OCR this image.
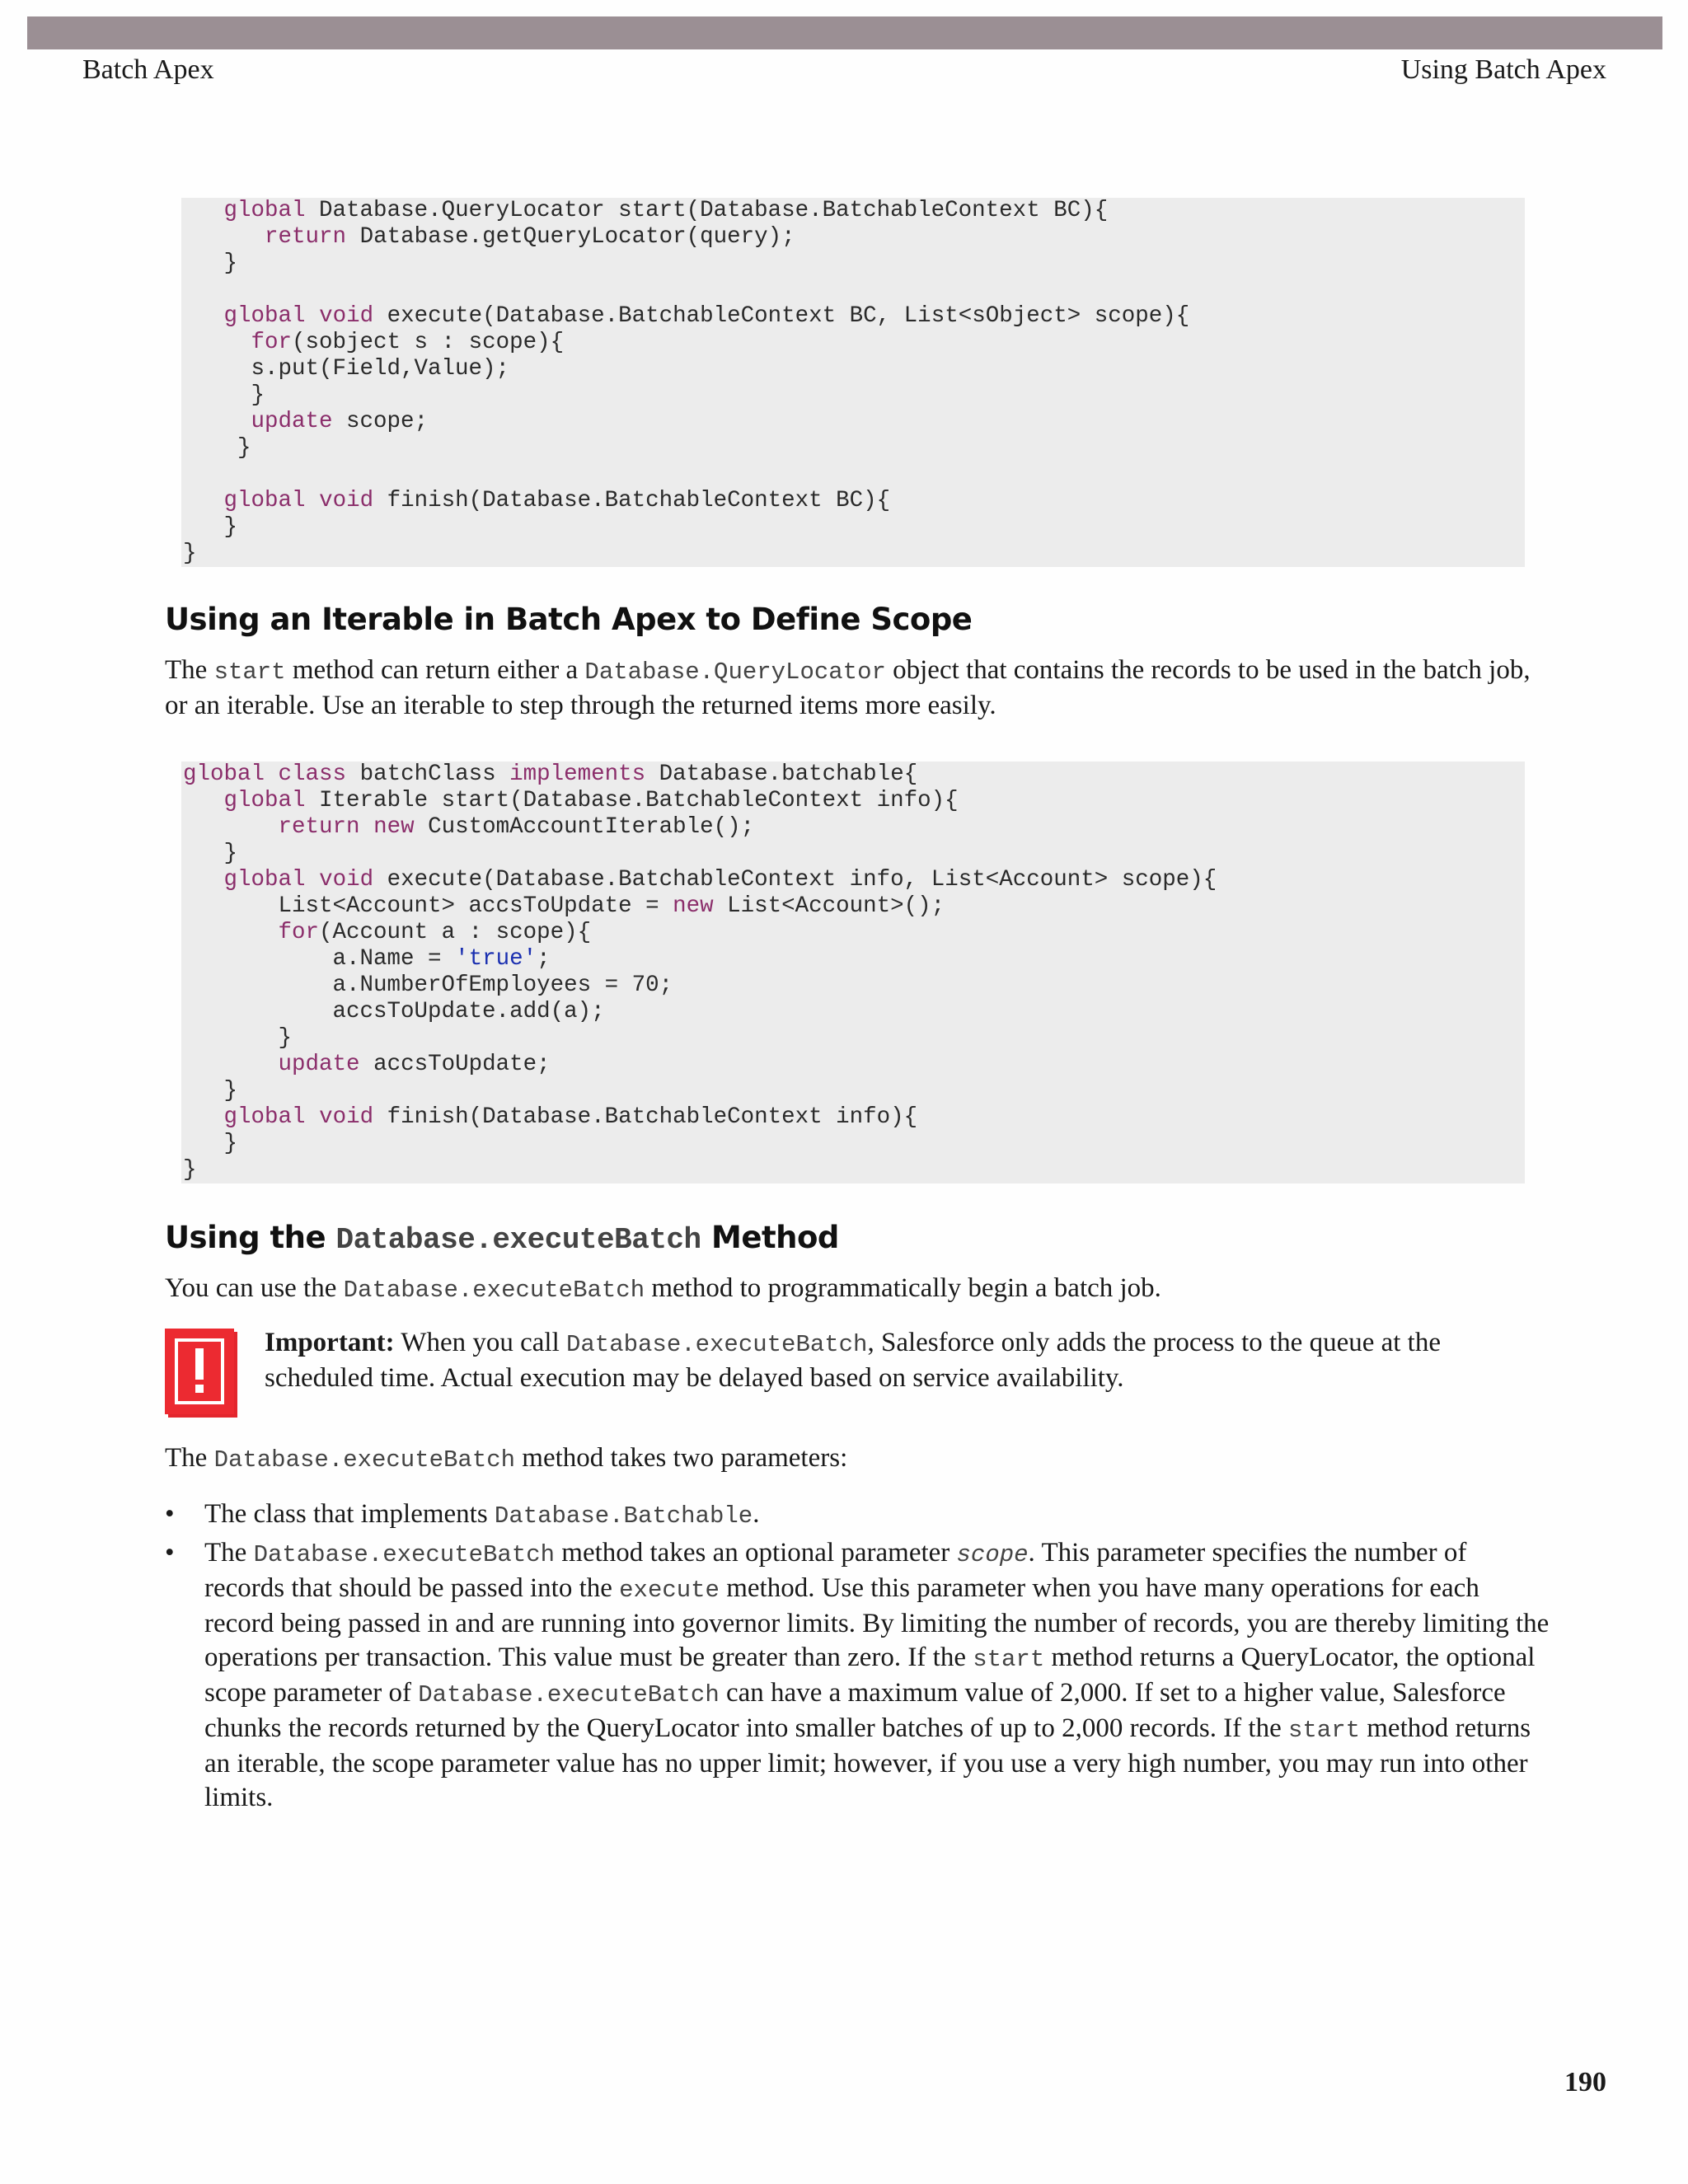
Batch Apex	Using Batch Apex
global Database.QueryLocator start(Database.BatchableContext BC){
return Database.getQueryLocator(query);
}
global void execute(Database.BatchableContext BC, List<sObject> scope){
for(sobject s : scope){
s.put(Field,Value);
}
update scope;
}
global void finish(Database.BatchableContext BC){
}
}
Using an Iterable in Batch Apex to Define Scope
The start method can return either a Database.QueryLocator object that contains the records to be used in the batch job, or an iterable. Use an iterable to step through the returned items more easily.
global class batchClass implements Database.batchable{
global Iterable start(Database.BatchableContext info){
return new CustomAccountIterable();
}
global void execute(Database.BatchableContext info, List<Account> scope){
List<Account> accsToUpdate = new List<Account>();
for(Account a : scope){
a.Name = 'true';
a.NumberOfEmployees = 70;
accsToUpdate.add(a);
}
update accsToUpdate;
}
global void finish(Database.BatchableContext info){
}
}
Using the Database.executeBatch Method
You can use the Database.executeBatch method to programmatically begin a batch job.
Important: When you call Database.executeBatch, Salesforce only adds the process to the queue at the scheduled time. Actual execution may be delayed based on service availability.
The Database.executeBatch method takes two parameters:
• The class that implements Database.Batchable.
• The Database.executeBatch method takes an optional parameter scope. This parameter specifies the number of records that should be passed into the execute method. Use this parameter when you have many operations for each record being passed in and are running into governor limits. By limiting the number of records, you are thereby limiting the operations per transaction. This value must be greater than zero. If the start method returns a QueryLocator, the optional scope parameter of Database.executeBatch can have a maximum value of 2,000. If set to a higher value, Salesforce chunks the records returned by the QueryLocator into smaller batches of up to 2,000 records. If the start method returns an iterable, the scope parameter value has no upper limit; however, if you use a very high number, you may run into other limits.
190
